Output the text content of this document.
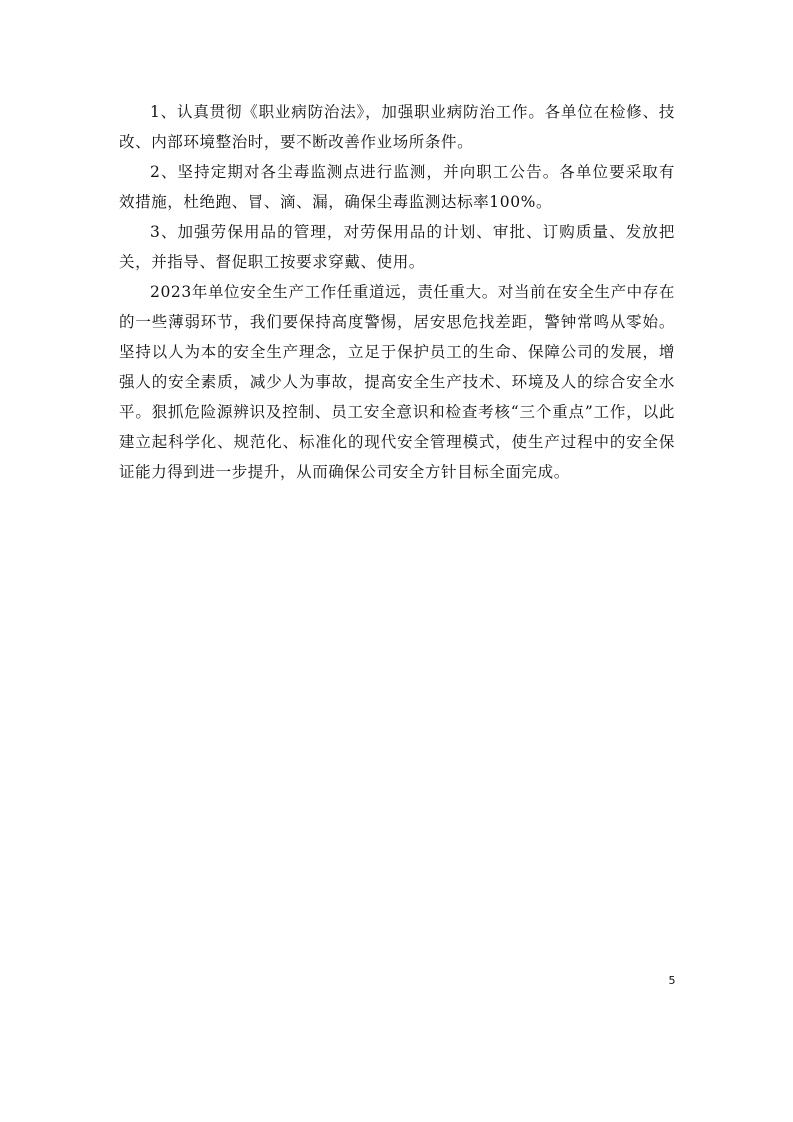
1、认真贯彻《职业病防治法》，加强职业病防治工作。各单位在检修、技改、内部环境整治时，要不断改善作业场所条件。

2、坚持定期对各尘毒监测点进行监测，并向职工公告。各单位要采取有效措施，杜绝跑、冒、滴、漏，确保尘毒监测达标率100%。

3、加强劳保用品的管理，对劳保用品的计划、审批、订购质量、发放把关，并指导、督促职工按要求穿戴、使用。

2023年单位安全生产工作任重道远，责任重大。对当前在安全生产中存在的一些薄弱环节，我们要保持高度警惕，居安思危找差距，警钟常鸣从零始。坚持以人为本的安全生产理念，立足于保护员工的生命、保障公司的发展，增强人的安全素质，减少人为事故，提高安全生产技术、环境及人的综合安全水平。狠抓危险源辨识及控制、员工安全意识和检查考核“三个重点”工作，以此建立起科学化、规范化、标准化的现代安全管理模式，使生产过程中的安全保证能力得到进一步提升，从而确保公司安全方针目标全面完成。

5
